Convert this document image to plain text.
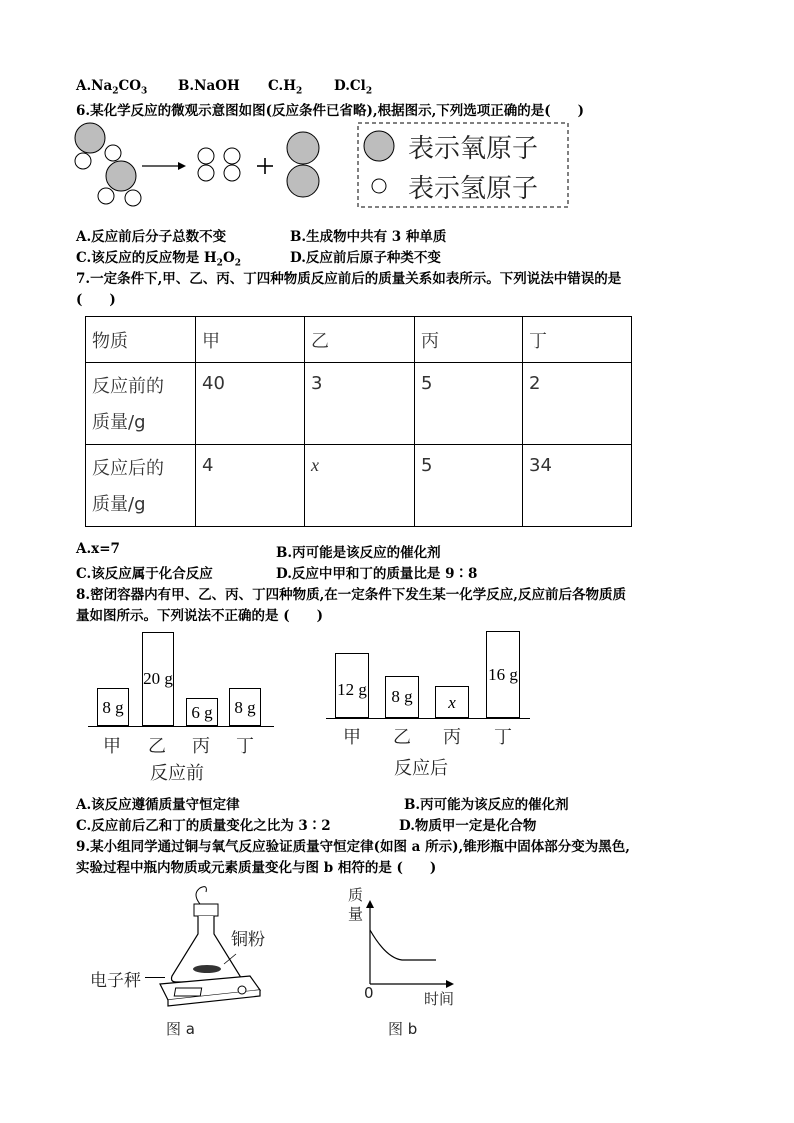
$A.Na_2CO_3$ B.NaOH $C.H_2$ $D.Cl_2$
6.某化学反应的微观示意图如图(反应条件已省略),根据图示,下列选项正确的是(　　)
表示氧原子
表示氢原子
A.反应前后分子总数不变	B.生成物中共有 3 种单质
C.该反应的反应物是 $H_2O_2$	D.反应前后原子种类不变
7.一定条件下,甲、乙、丙、丁四种物质反应前后的质量关系如表所示。下列说法中错误的是
(　　)
物质	甲	乙	丙	丁
反应前的
质量/g	40	3	5	2
反应后的
质量/g	4	x	5	34
A.x=7	B.丙可能是该反应的催化剂
C.该反应属于化合反应	D.反应中甲和丁的质量比是 9∶8
8.密闭容器内有甲、乙、丙、丁四种物质,在一定条件下发生某一化学反应,反应前后各物质质
量如图所示。下列说法不正确的是 (　　)
8 g
20 g
6 g	8 g
甲 乙 丙 丁
反应前
12 g	8 g	x
16 g
甲 乙 丙 丁
反应后
A.该反应遵循质量守恒定律	B.丙可能为该反应的催化剂
C.反应前后乙和丁的质量变化之比为 3∶2	D.物质甲一定是化合物
9.某小组同学通过铜与氧气反应验证质量守恒定律(如图 a 所示),锥形瓶中固体部分变为黑色,
实验过程中瓶内物质或元素质量变化与图 b 相符的是 (　　)
铜粉
电子秤
图 a
质
量
0	时间
图 b
